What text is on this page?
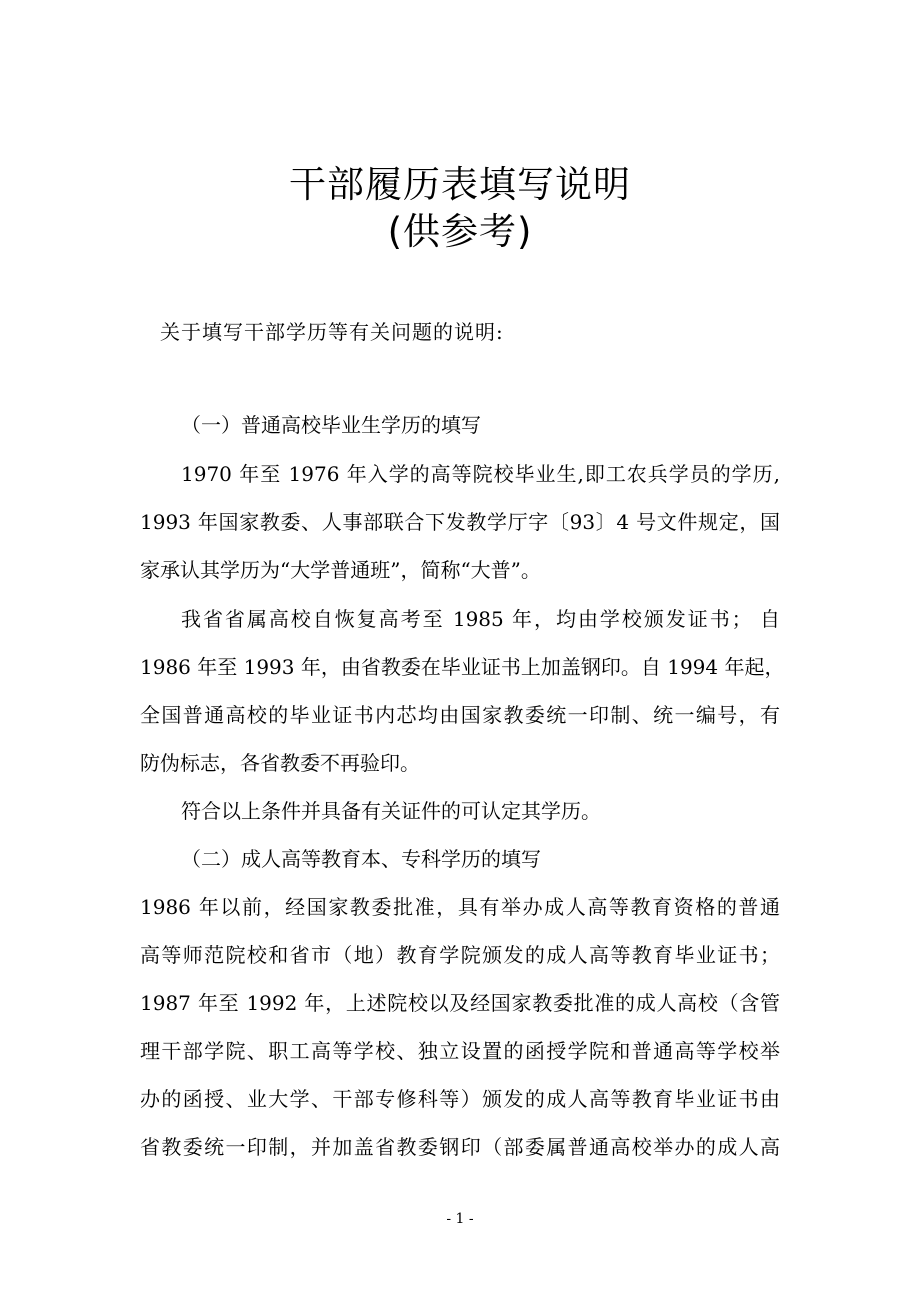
干部履历表填写说明
(供参考)
关于填写干部学历等有关问题的说明:
（一）普通高校毕业生学历的填写
1970 年至 1976 年入学的高等院校毕业生,即工农兵学员的学历,
1993 年国家教委、人事部联合下发教学厅字〔93〕4 号文件规定，国
家承认其学历为“大学普通班”，简称“大普”。
我省省属高校自恢复高考至 1985 年，均由学校颁发证书； 自
1986 年至 1993 年，由省教委在毕业证书上加盖钢印。自 1994 年起，
全国普通高校的毕业证书内芯均由国家教委统一印制、统一编号，有
防伪标志，各省教委不再验印。
符合以上条件并具备有关证件的可认定其学历。
（二）成人高等教育本、专科学历的填写
1986 年以前，经国家教委批准，具有举办成人高等教育资格的普通
高等师范院校和省市（地）教育学院颁发的成人高等教育毕业证书；
1987 年至 1992 年，上述院校以及经国家教委批准的成人高校（含管
理干部学院、职工高等学校、独立设置的函授学院和普通高等学校举
办的函授、业大学、干部专修科等）颁发的成人高等教育毕业证书由
省教委统一印制，并加盖省教委钢印（部委属普通高校举办的成人高
- 1 -
